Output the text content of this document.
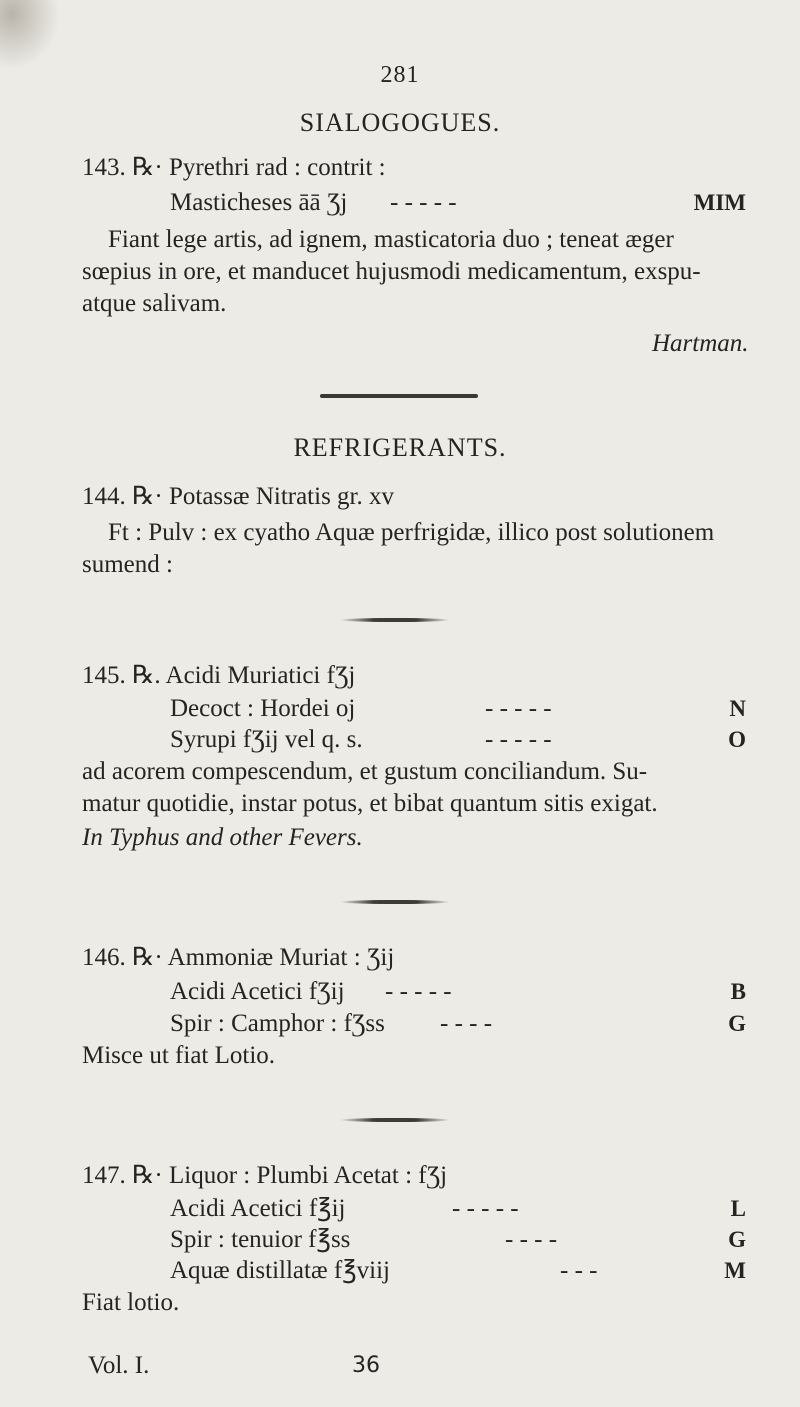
281
SIALOGOGUES.
143. ℞· Pyrethri rad : contrit :
Masticheses āā Ʒj - - - - -	MIM
Fiant lege artis, ad ignem, masticatoria duo ; teneat æger
sœpius in ore, et manducet hujusmodi medicamentum, exspu-
atque salivam.
Hartman.
REFRIGERANTS.
144. ℞· Potassæ Nitratis gr. xv
Ft : Pulv : ex cyatho Aquæ perfrigidæ, illico post solutionem
sumend :
145. ℞. Acidi Muriatici fƷj
Decoct : Hordei oj	- - - - -	N
Syrupi fƷij vel q. s.	- - - - -	O
ad acorem compescendum, et gustum conciliandum. Su-
matur quotidie, instar potus, et bibat quantum sitis exigat.
In Typhus and other Fevers.
146. ℞· Ammoniæ Muriat : Ʒij
Acidi Acetici fƷij - - - - -	B
Spir : Camphor : fƷss - - - -	G
Misce ut fiat Lotio.
147. ℞· Liquor : Plumbi Acetat : fƷj
Acidi Acetici f℥ij	- - - - -	L
Spir : tenuior f℥ss	- - - -	G
Aquæ distillatæ f℥viij	- - -	M
Fiat lotio.
Vol. I.	36
